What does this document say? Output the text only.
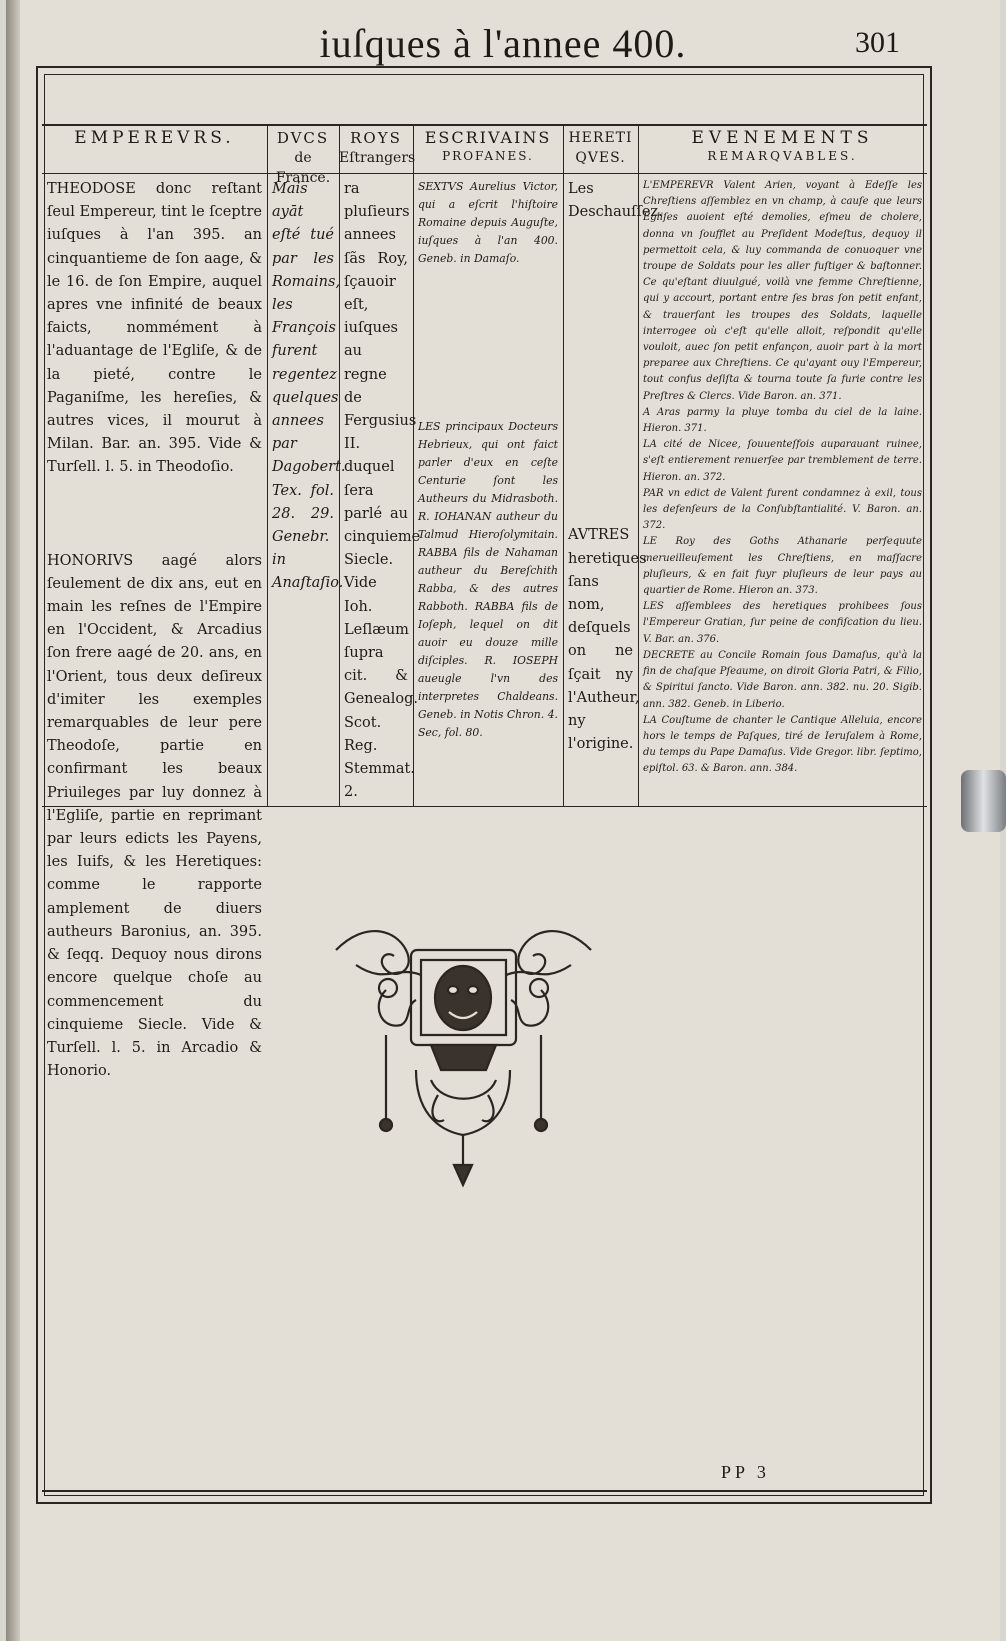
iuſques à l'annee 400.	301
EMPEREVRS.

THEODOSE donc reſtant ſeul Empereur, tint le ſceptre iuſques à l'an 395. an cinquantieme de ſon aage, & le 16. de ſon Empire, auquel apres vne infinité de beaux faicts, nommément à l'aduantage de l'Egliſe, & de la pieté, contre le Paganiſme, les hereſies, & autres vices, il mourut à Milan. Bar. an. 395. Vide & Turſell. l. 5. in Theodoſio.

HONORIVS aagé alors ſeulement de dix ans, eut en main les reſnes de l'Empire en l'Occident, & Arcadius ſon frere aagé de 20. ans, en l'Orient, tous deux deſireux d'imiter les exemples remarquables de leur pere Theodoſe, partie en confirmant les beaux Priuileges par luy donnez à l'Egliſe, partie en reprimant par leurs edicts les Payens, les Iuifs, & les Heretiques: comme le rapporte amplement de diuers autheurs Baronius, an. 395. & ſeqq. Dequoy nous dirons encore quelque choſe au commencement du cinquieme Siecle. Vide & Turſell. l. 5. in Arcadio & Honorio.

DVCS
de France.

Mais ayāt eſté tué par les Romains, les François furent regentez quelques annees par Dagobert. Tex. fol. 28. 29. Genebr. in Anaſtaſio.

ROYS
Eſtrangers

ra pluſieurs annees ſãs Roy, ſçauoir eſt, iuſques au regne de Fergusius II. duquel ſera parlé au cinquieme Siecle. Vide Ioh. Leſlæum ſupra cit. & Genealog. Scot. Reg. Stemmat. 2.

ESCRIVAINS
PROFANES.

SEXTVS Aurelius Victor, qui a eſcrit l'hiſtoire Romaine depuis Auguſte, iuſques à l'an 400. Geneb. in Damaſo.

LES principaux Docteurs Hebrieux, qui ont faict parler d'eux en ceſte Centurie ſont les Autheurs du Midrasboth. R. IOHANAN autheur du Talmud Hieroſolymitain. RABBA fils de Nahaman autheur du Bereſchith Rabba, & des autres Rabboth. RABBA fils de Ioſeph, lequel on dit auoir eu douze mille diſciples. R. IOSEPH aueugle l'vn des interpretes Chaldeans. Geneb. in Notis Chron. 4. Sec, fol. 80.

HERETIQVES.

Les Deschauſſez.

AVTRES heretiques ſans nom, deſquels on ne ſçait ny l'Autheur, ny l'origine.

EVENEMENTS
REMARQVABLES.

L'EMPEREVR Valent Arien, voyant à Edeſſe les Chreſtiens aſſemblez en vn champ, à cauſe que leurs Egliſes auoient eſté demolies, eſmeu de cholere, donna vn ſoufflet au Preſident Modeſtus, dequoy il permettoit cela, & luy commanda de conuoquer vne troupe de Soldats pour les aller fuſtiger & baſtonner. Ce qu'eſtant diuulgué, voilà vne femme Chreſtienne, qui y accourt, portant entre ſes bras ſon petit enfant, & trauerſant les troupes des Soldats, laquelle interrogee où c'eſt qu'elle alloit, reſpondit qu'elle vouloit, auec ſon petit enfançon, auoir part à la mort preparee aux Chreſtiens. Ce qu'ayant ouy l'Empereur, tout confus deſiſta & tourna toute ſa furie contre les Preſtres & Clercs. Vide Baron. an. 371.

A Aras parmy la pluye tomba du ciel de la laine. Hieron. 371.

LA cité de Nicee, ſouuenteſfois auparauant ruinee, s'eſt entierement renuerſee par tremblement de terre. Hieron. an. 372.

PAR vn edict de Valent furent condamnez à exil, tous les defenſeurs de la Conſubſtantialité. V. Baron. an. 372.

LE Roy des Goths Athanarie perſequute merueilleuſement les Chreſtiens, en maſſacre pluſieurs, & en fait fuyr pluſieurs de leur pays au quartier de Rome. Hieron an. 373.

LES aſſemblees des heretiques prohibees ſous l'Empereur Gratian, ſur peine de confiſcation du lieu. V. Bar. an. 376.

DECRETE au Concile Romain ſous Damaſus, qu'à la fin de chaſque Pſeaume, on diroit Gloria Patri, & Filio, & Spiritui ſancto. Vide Baron. ann. 382. nu. 20. Sigib. ann. 382. Geneb. in Liberio.

LA Couſtume de chanter le Cantique Alleluia, encore hors le temps de Paſques, tiré de Ieruſalem à Rome, du temps du Pape Damaſus. Vide Gregor. libr. ſeptimo, epiſtol. 63. & Baron. ann. 384.

PP 3
